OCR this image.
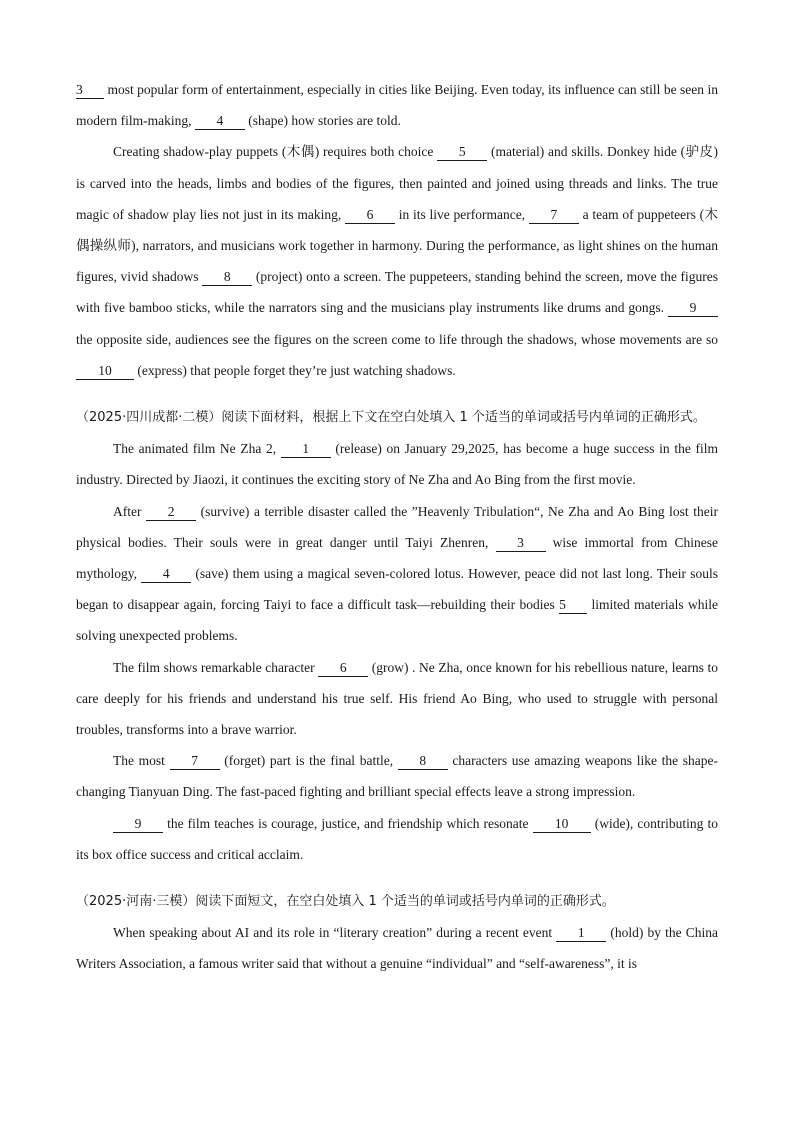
3 most popular form of entertainment, especially in cities like Beijing. Even today, its influence can still be seen in modern film-making, 4 (shape) how stories are told.

Creating shadow-play puppets (木偶) requires both choice 5 (material) and skills. Donkey hide (驴皮) is carved into the heads, limbs and bodies of the figures, then painted and joined using threads and links. The true magic of shadow play lies not just in its making, 6 in its live performance, 7 a team of puppeteers (木偶操纵师), narrators, and musicians work together in harmony. During the performance, as light shines on the human figures, vivid shadows 8 (project) onto a screen. The puppeteers, standing behind the screen, move the figures with five bamboo sticks, while the narrators sing and the musicians play instruments like drums and gongs. 9the opposite side, audiences see the figures on the screen come to life through the shadows, whose movements are so 10 (express) that people forget they’re just watching shadows.

（2025·四川成都·二模）阅读下面材料，根据上下文在空白处填入 1 个适当的单词或括号内单词的正确形式。

The animated film Ne Zha 2, 1 (release) on January 29,2025, has become a huge success in the film industry. Directed by Jiaozi, it continues the exciting story of Ne Zha and Ao Bing from the first movie.

After 2 (survive) a terrible disaster called the ”Heavenly Tribulation“, Ne Zha and Ao Bing lost their physical bodies. Their souls were in great danger until Taiyi Zhenren, 3 wise immortal from Chinese mythology, 4 (save) them using a magical seven-colored lotus. However, peace did not last long. Their souls began to disappear again, forcing Taiyi to face a difficult task—rebuilding their bodies 5 limited materials while solving unexpected problems.

The film shows remarkable character 6 (grow) . Ne Zha, once known for his rebellious nature, learns to care deeply for his friends and understand his true self. His friend Ao Bing, who used to struggle with personal troubles, transforms into a brave warrior.

The most 7 (forget) part is the final battle, 8 characters use amazing weapons like the shape-changing Tianyuan Ding. The fast-paced fighting and brilliant special effects leave a strong impression.

9 the film teaches is courage, justice, and friendship which resonate 10 (wide), contributing to its box office success and critical acclaim.

（2025·河南·三模）阅读下面短文，在空白处填入 1 个适当的单词或括号内单词的正确形式。

When speaking about AI and its role in “literary creation” during a recent event 1 (hold) by the China Writers Association, a famous writer said that without a genuine “individual” and “self-awareness”, it is
